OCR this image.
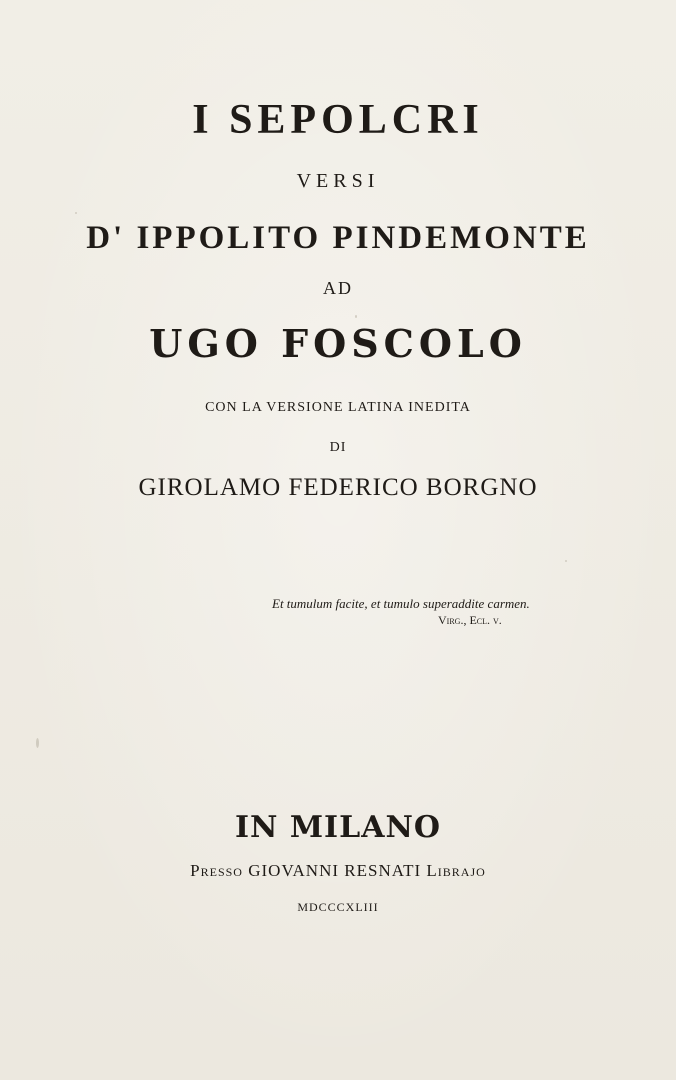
I SEPOLCRI
VERSI
D' IPPOLITO PINDEMONTE
AD
UGO FOSCOLO
CON LA VERSIONE LATINA INEDITA
DI
GIROLAMO FEDERICO BORGNO
Et tumulum facite, et tumulo superaddite carmen.
Virg., Ecl. v.
IN MILANO
Presso GIOVANNI RESNATI Librajo
MDCCCXLIII
